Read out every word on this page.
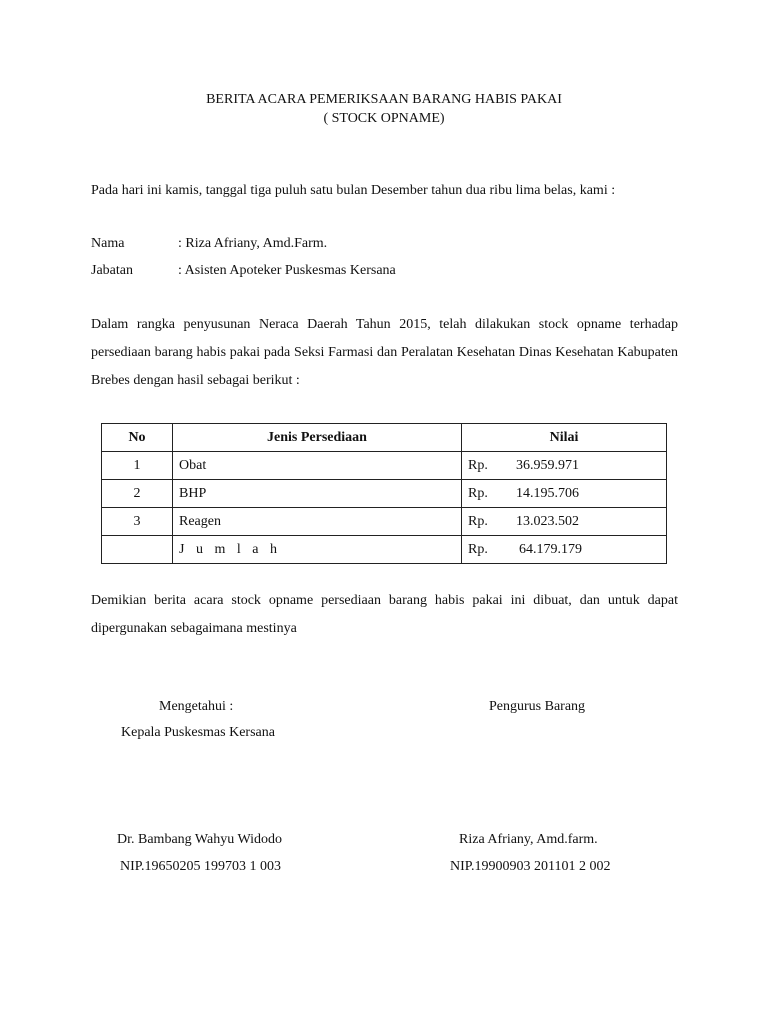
BERITA ACARA PEMERIKSAAN BARANG HABIS PAKAI
( STOCK OPNAME)
Pada hari ini kamis, tanggal tiga puluh satu bulan Desember tahun dua ribu lima belas, kami :
Nama	: Riza Afriany, Amd.Farm.
Jabatan	: Asisten Apoteker Puskesmas Kersana
Dalam rangka penyusunan Neraca Daerah Tahun 2015, telah dilakukan stock opname terhadap persediaan barang habis pakai pada Seksi Farmasi dan Peralatan Kesehatan Dinas Kesehatan Kabupaten Brebes dengan hasil sebagai berikut :
No	Jenis Persediaan	Nilai
1	Obat	Rp. 36.959.971
2	BHP	Rp. 14.195.706
3	Reagen	Rp. 13.023.502
	J u m l a h	Rp. 64.179.179
Demikian berita acara stock opname persediaan barang habis pakai ini dibuat, dan untuk dapat dipergunakan sebagaimana mestinya
Mengetahui :
Kepala Puskesmas Kersana
Pengurus Barang
Dr. Bambang Wahyu Widodo
NIP.19650205 199703 1 003
Riza Afriany, Amd.farm.
NIP.19900903 201101 2 002
